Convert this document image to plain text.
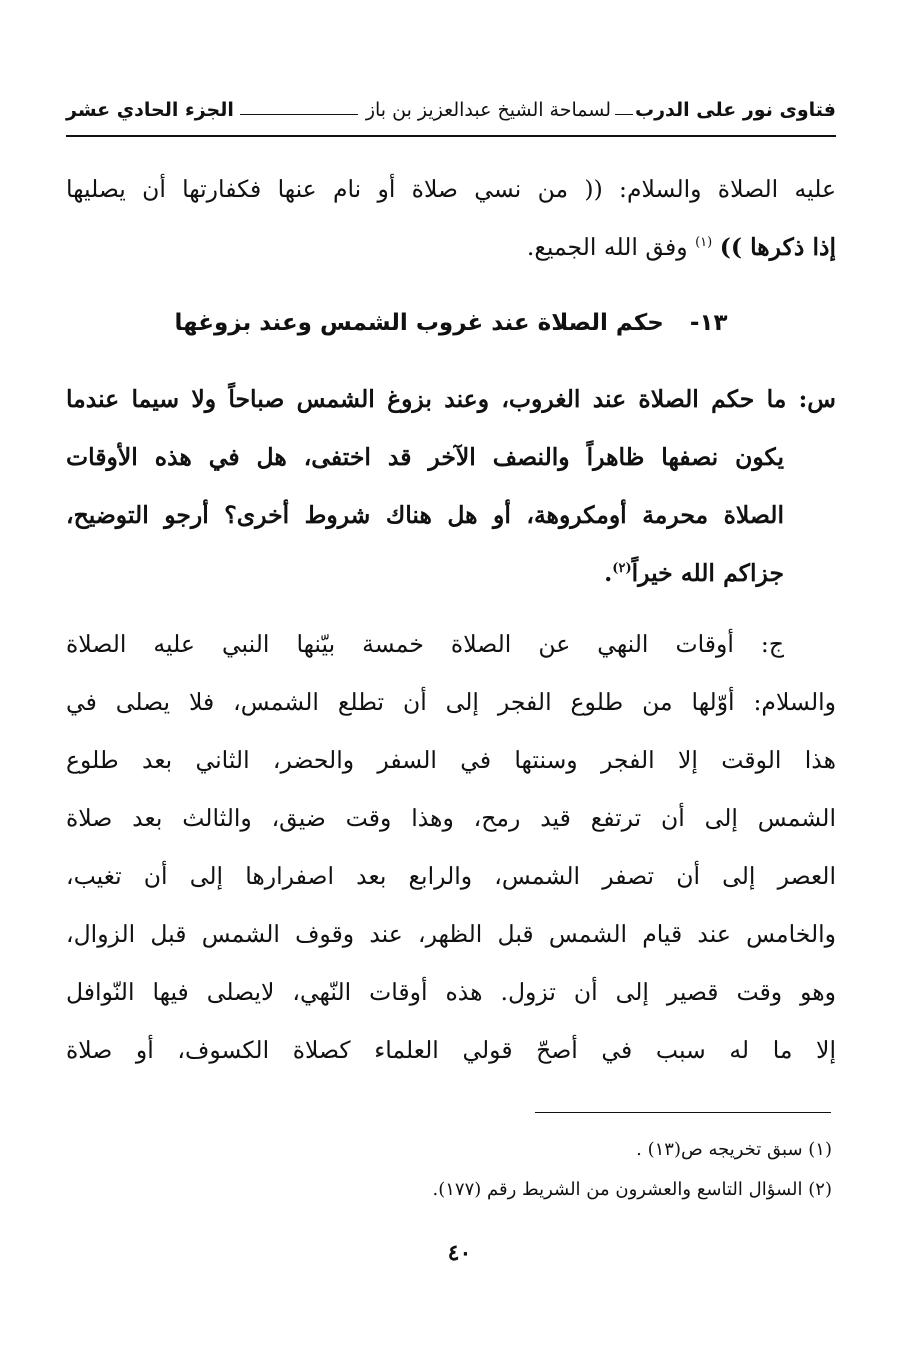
فتاوى نور على الدرب
لسماحة الشيخ عبدالعزيز بن باز
الجزء الحادي عشر
عليه الصلاة والسلام: (( من نسي صلاة أو نام عنها فكفارتها أن يصليها
إذا ذكرها )) $^{(١)}$ وفق الله الجميع.
١٣- حكم الصلاة عند غروب الشمس وعند بزوغها
س: ما حكم الصلاة عند الغروب، وعند بزوغ الشمس صباحاً ولا سيما عندما
يكون نصفها ظاهراً والنصف الآخر قد اختفى، هل في هذه الأوقات
الصلاة محرمة أومكروهة، أو هل هناك شروط أخرى؟ أرجو التوضيح،
جزاكم الله خيراً$^{(٢)}$.
ج: أوقات النهي عن الصلاة خمسة بيّنها النبي عليه الصلاة
والسلام: أوّلها من طلوع الفجر إلى أن تطلع الشمس، فلا يصلى في
هذا الوقت إلا الفجر وسنتها في السفر والحضر، الثاني بعد طلوع
الشمس إلى أن ترتفع قيد رمح، وهذا وقت ضيق، والثالث بعد صلاة
العصر إلى أن تصفر الشمس، والرابع بعد اصفرارها إلى أن تغيب،
والخامس عند قيام الشمس قبل الظهر، عند وقوف الشمس قبل الزوال،
وهو وقت قصير إلى أن تزول. هذه أوقات النّهي، لايصلى فيها النّوافل
إلا ما له سبب في أصحّ قولي العلماء كصلاة الكسوف، أو صلاة
(١) سبق تخريجه ص(١٣) .
(٢) السؤال التاسع والعشرون من الشريط رقم (١٧٧).
٤٠
